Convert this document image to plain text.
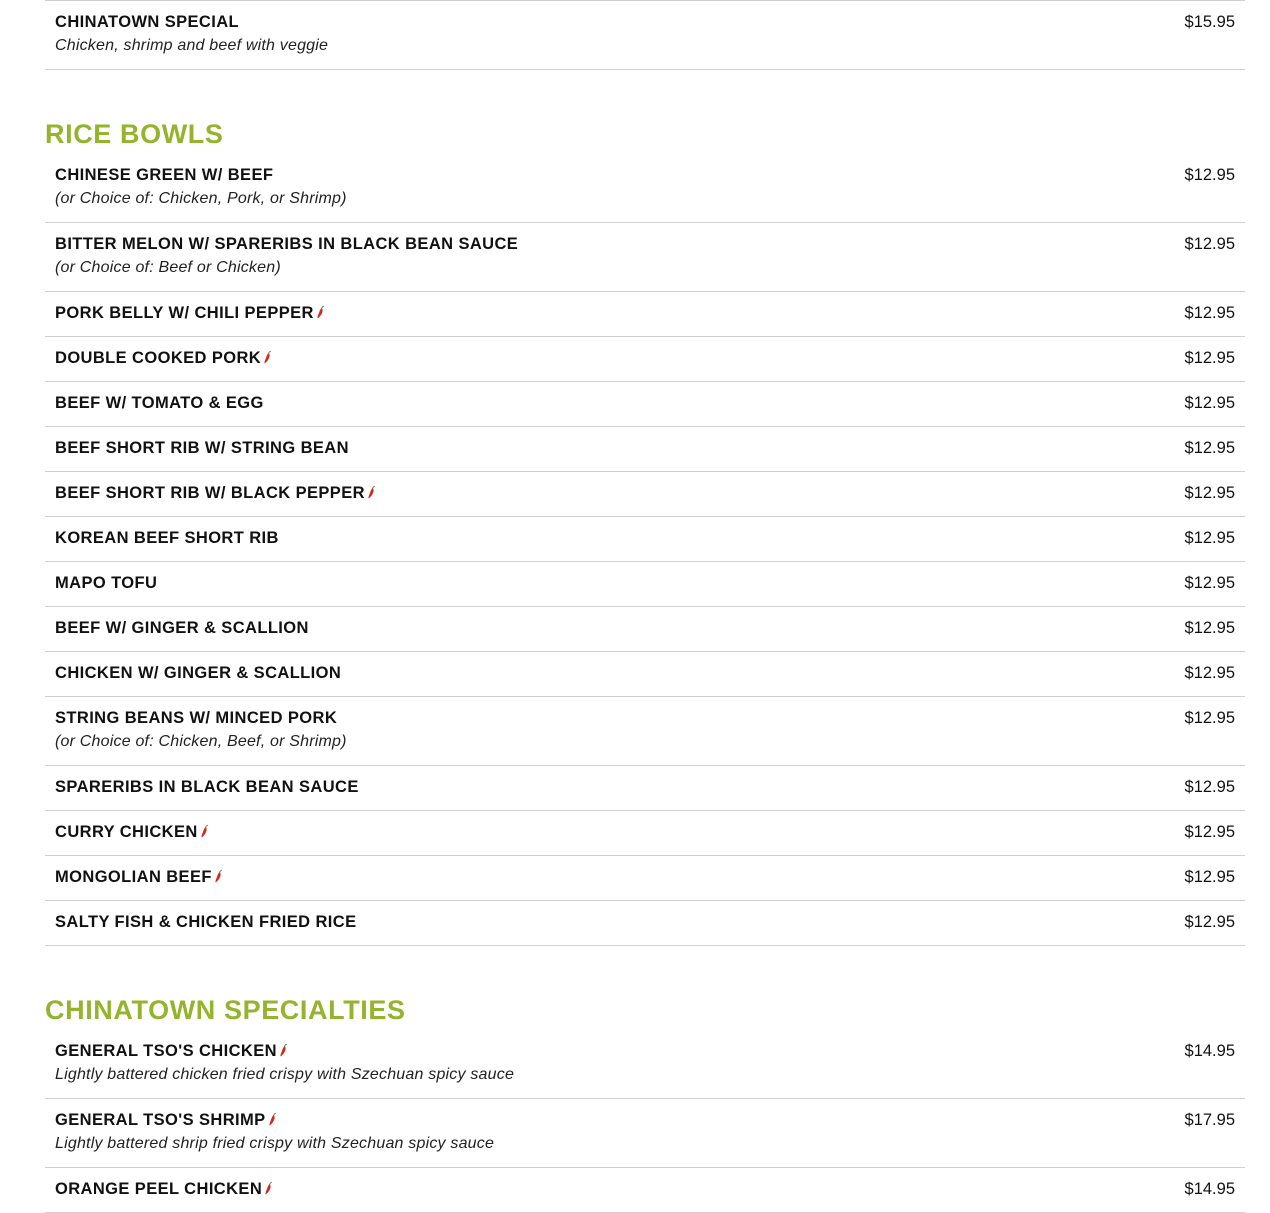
CHINATOWN SPECIAL	$15.95
Chicken, shrimp and beef with veggie
RICE BOWLS
CHINESE GREEN W/ BEEF	$12.95
(or Choice of: Chicken, Pork, or Shrimp)
BITTER MELON W/ SPARERIBS IN BLACK BEAN SAUCE	$12.95
(or Choice of: Beef or Chicken)
PORK BELLY W/ CHILI PEPPER	$12.95
DOUBLE COOKED PORK	$12.95
BEEF W/ TOMATO & EGG	$12.95
BEEF SHORT RIB W/ STRING BEAN	$12.95
BEEF SHORT RIB W/ BLACK PEPPER	$12.95
KOREAN BEEF SHORT RIB	$12.95
MAPO TOFU	$12.95
BEEF W/ GINGER & SCALLION	$12.95
CHICKEN W/ GINGER & SCALLION	$12.95
STRING BEANS W/ MINCED PORK	$12.95
(or Choice of: Chicken, Beef, or Shrimp)
SPARERIBS IN BLACK BEAN SAUCE	$12.95
CURRY CHICKEN	$12.95
MONGOLIAN BEEF	$12.95
SALTY FISH & CHICKEN FRIED RICE	$12.95
CHINATOWN SPECIALTIES
GENERAL TSO'S CHICKEN	$14.95
Lightly battered chicken fried crispy with Szechuan spicy sauce
GENERAL TSO'S SHRIMP	$17.95
Lightly battered shrip fried crispy with Szechuan spicy sauce
ORANGE PEEL CHICKEN	$14.95
